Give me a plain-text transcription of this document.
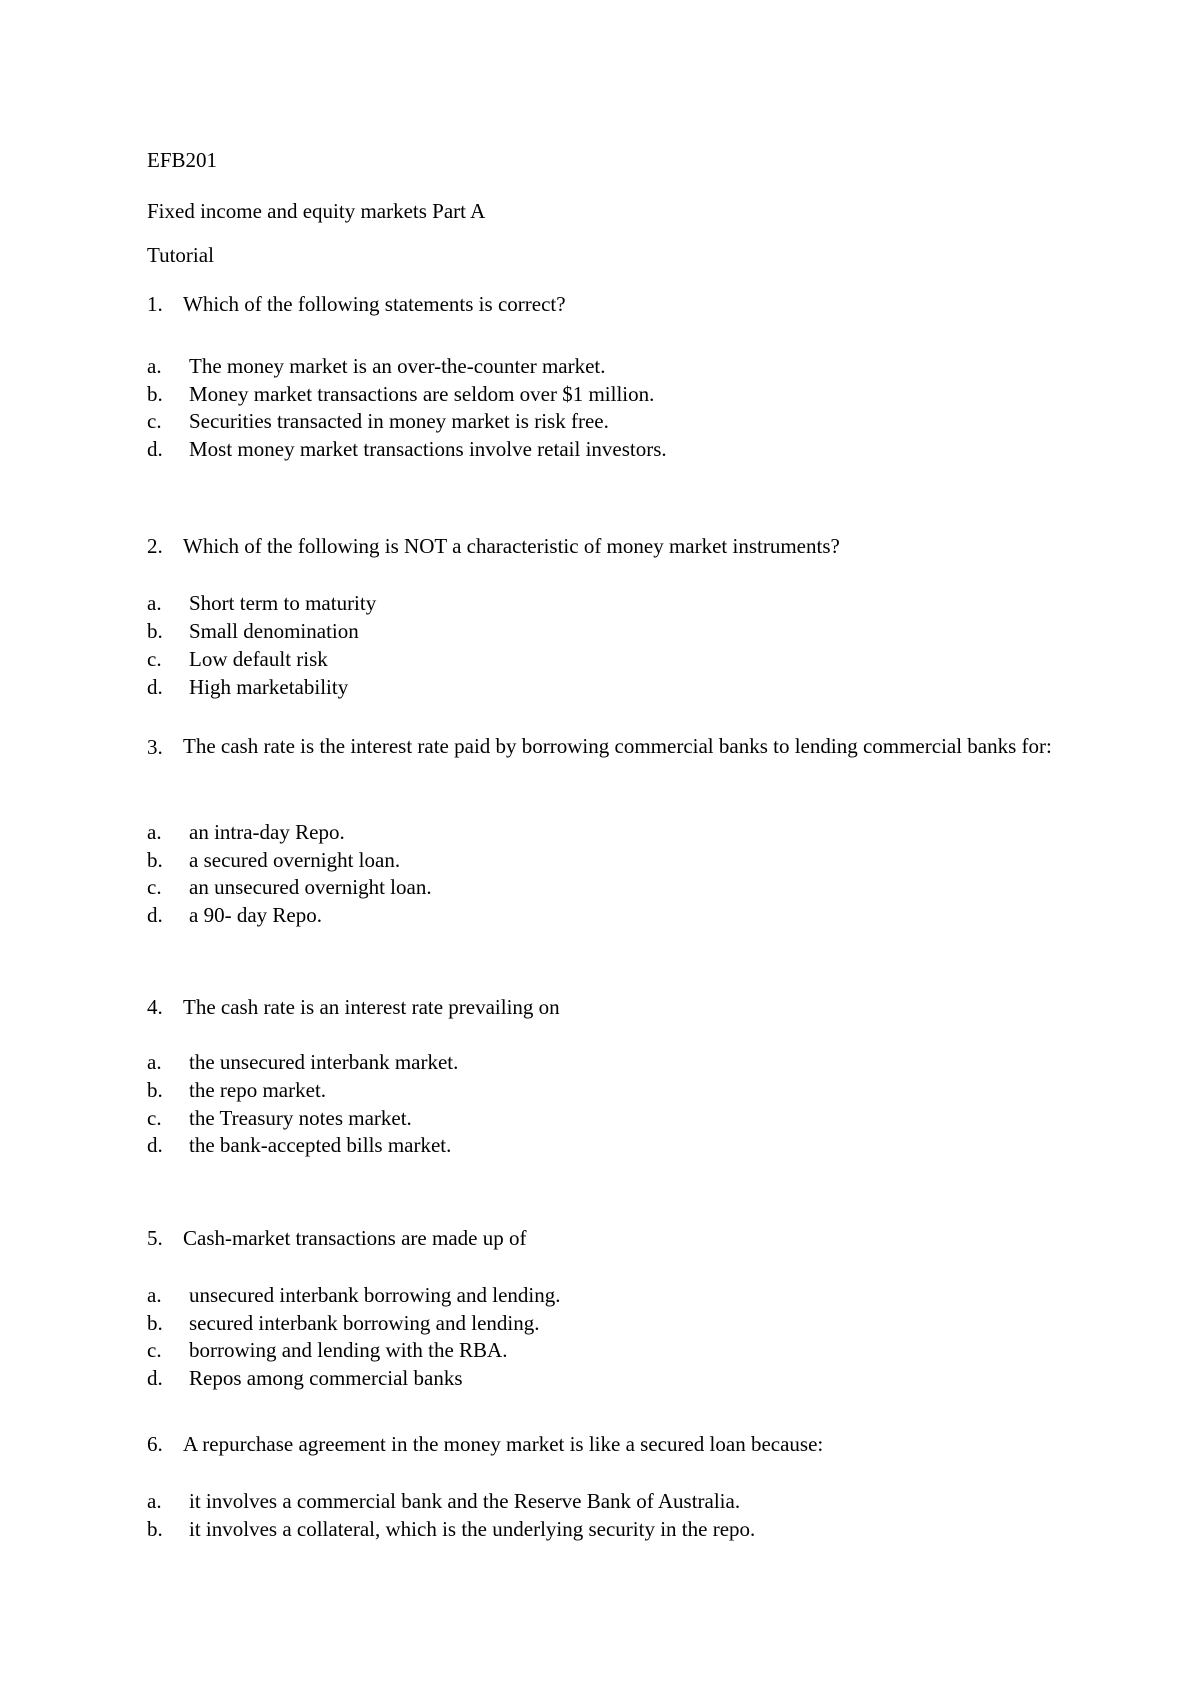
EFB201
Fixed income and equity markets Part A
Tutorial
1. Which of the following statements is correct?
a.	The money market is an over-the-counter market.
b.	Money market transactions are seldom over $1 million.
c.	Securities transacted in money market is risk free.
d.	Most money market transactions involve retail investors.
2. Which of the following is NOT a characteristic of money market instruments?
a.	Short term to maturity
b.	Small denomination
c.	Low default risk
d.	High marketability
3. The cash rate is the interest rate paid by borrowing commercial banks to lending commercial banks for:
a.	an intra-day Repo.
b.	a secured overnight loan.
c.	an unsecured overnight loan.
d.	a 90- day Repo.
4. The cash rate is an interest rate prevailing on
a.	the unsecured interbank market.
b.	the repo market.
c.	the Treasury notes market.
d.	the bank-accepted bills market.
5. Cash-market transactions are made up of
a.	unsecured interbank borrowing and lending.
b.	secured interbank borrowing and lending.
c.	borrowing and lending with the RBA.
d.	Repos among commercial banks
6. A repurchase agreement in the money market is like a secured loan because:
a.	it involves a commercial bank and the Reserve Bank of Australia.
b.	it involves a collateral, which is the underlying security in the repo.
